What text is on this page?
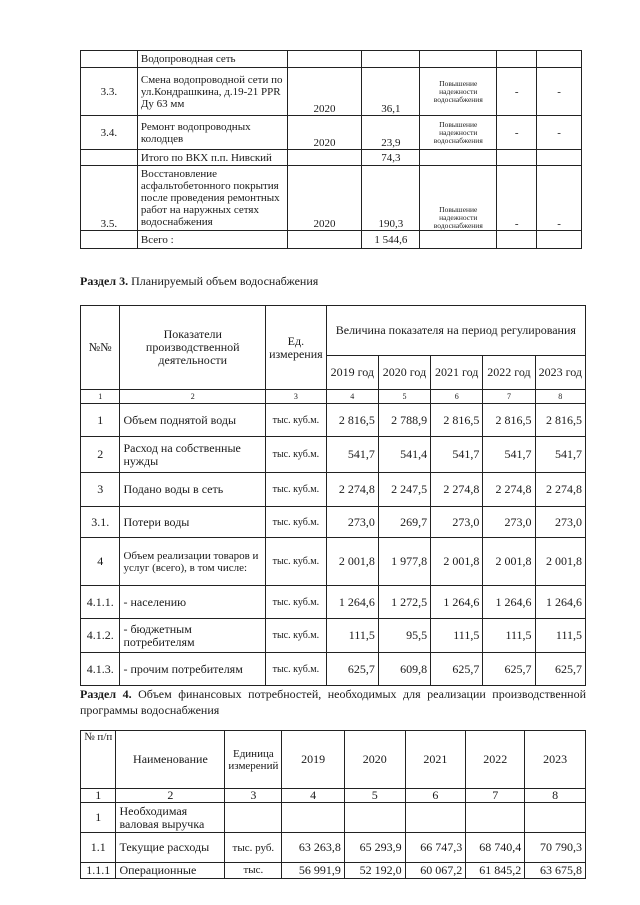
	Водопроводная сеть					
3.3.	Смена водопроводной сети по ул.Кондрашкина, д.19-21 PPR Ду 63 мм	2020	36,1	Повышение надежности водоснабжения	-	-
3.4.	Ремонт водопроводных колодцев	2020	23,9	Повышение надежности водоснабжения	-	-
	Итого по ВКХ п.п. Нивский		74,3			
3.5.	Восстановление асфальтобетонного покрытия после проведения ремонтных работ на наружных сетях водоснабжения	2020	190,3	Повышение надежности водоснабжения	-	-
	Всего :		1 544,6			
Раздел 3. Планируемый объем водоснабжения
№№	Показатели производственной деятельности	Ед. измерения	Величина показателя на период регулирования				
			2019 год	2020 год	2021 год	2022 год	2023 год
1	2	3	4	5	6	7	8
1	Объем поднятой воды	тыс. куб.м.	2 816,5	2 788,9	2 816,5	2 816,5	2 816,5
2	Расход на собственные нужды	тыс. куб.м.	541,7	541,4	541,7	541,7	541,7
3	Подано воды в сеть	тыс. куб.м.	2 274,8	2 247,5	2 274,8	2 274,8	2 274,8
3.1.	Потери воды	тыс. куб.м.	273,0	269,7	273,0	273,0	273,0
4	Объем реализации товаров и услуг (всего), в том числе:	тыс. куб.м.	2 001,8	1 977,8	2 001,8	2 001,8	2 001,8
4.1.1.	- населению	тыс. куб.м.	1 264,6	1 272,5	1 264,6	1 264,6	1 264,6
4.1.2.	- бюджетным потребителям	тыс. куб.м.	111,5	95,5	111,5	111,5	111,5
4.1.3.	- прочим потребителям	тыс. куб.м.	625,7	609,8	625,7	625,7	625,7
Раздел 4. Объем финансовых потребностей, необходимых для реализации производственной программы водоснабжения
№ п/п	Наименование	Единица измерений	2019	2020	2021	2022	2023
1	2	3	4	5	6	7	8
1	Необходимая валовая выручка						
1.1	Текущие расходы	тыс. руб.	63 263,8	65 293,9	66 747,3	68 740,4	70 790,3
1.1.1	Операционные	тыс.	56 991,9	52 192,0	60 067,2	61 845,2	63 675,8
